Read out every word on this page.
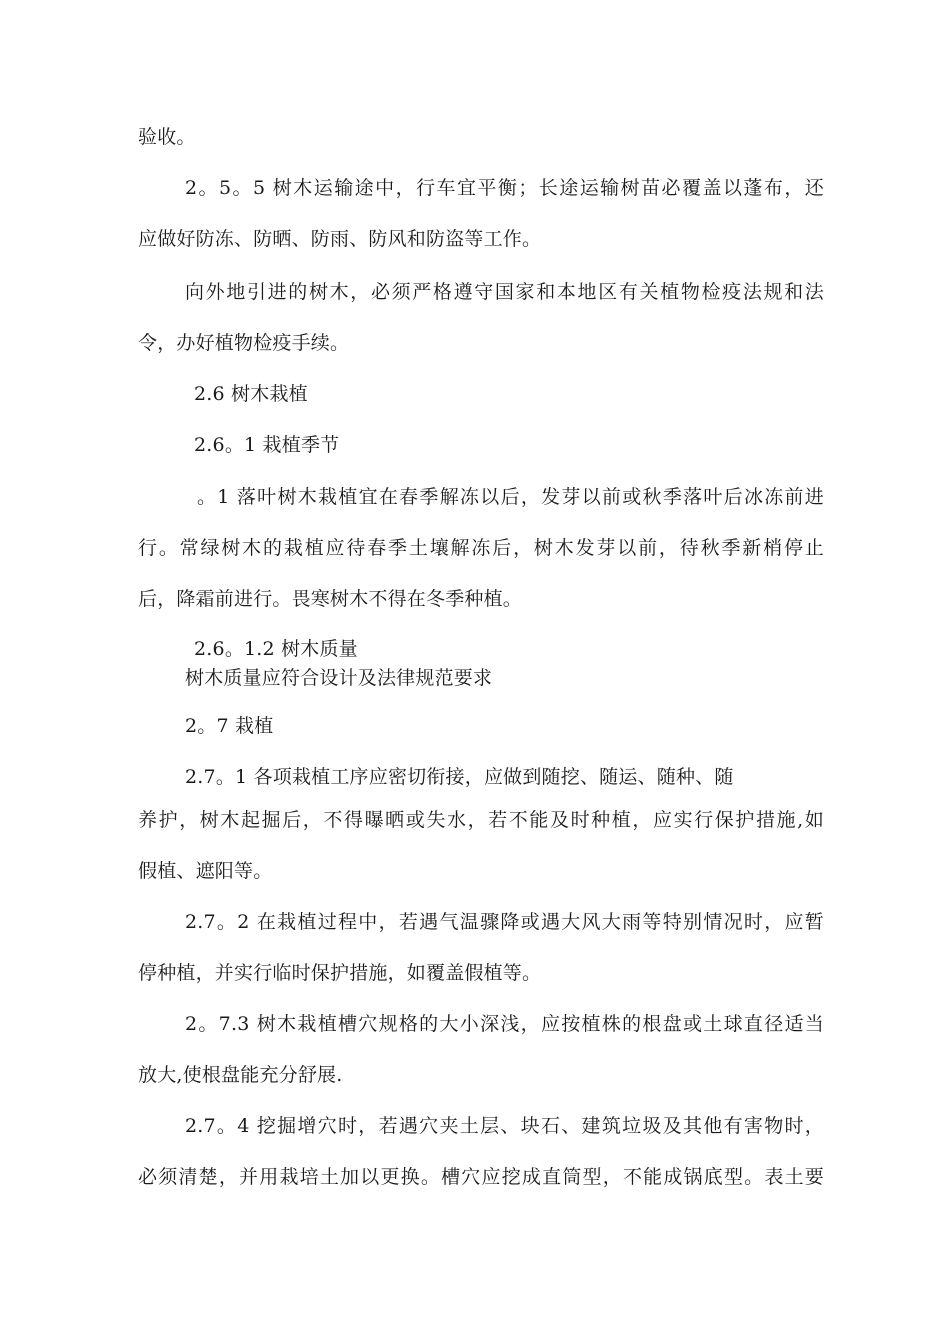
验收。

2。5。5 树木运输途中，行车宜平衡；长途运输树苗必覆盖以蓬布，还

应做好防冻、防晒、防雨、防风和防盗等工作。

向外地引进的树木，必须严格遵守国家和本地区有关植物检疫法规和法

令，办好植物检疫手续。

2.6 树木栽植

2.6。1 栽植季节

。1 落叶树木栽植宜在春季解冻以后，发芽以前或秋季落叶后冰冻前进

行。常绿树木的栽植应待春季土壤解冻后，树木发芽以前，待秋季新梢停止

后，降霜前进行。畏寒树木不得在冬季种植。

2.6。1.2 树木质量

树木质量应符合设计及法律规范要求

2。7 栽植

2.7。1 各项栽植工序应密切衔接，应做到随挖、随运、随种、随

养护，树木起掘后，不得曝晒或失水，若不能及时种植，应实行保护措施,如

假植、遮阳等。

2.7。2 在栽植过程中，若遇气温骤降或遇大风大雨等特别情况时，应暂

停种植，并实行临时保护措施，如覆盖假植等。

2。7.3 树木栽植槽穴规格的大小深浅，应按植株的根盘或土球直径适当

放大,使根盘能充分舒展.

2.7。4 挖掘增穴时，若遇穴夹土层、块石、建筑垃圾及其他有害物时，

必须清楚，并用栽培土加以更换。槽穴应挖成直筒型，不能成锅底型。表土要
